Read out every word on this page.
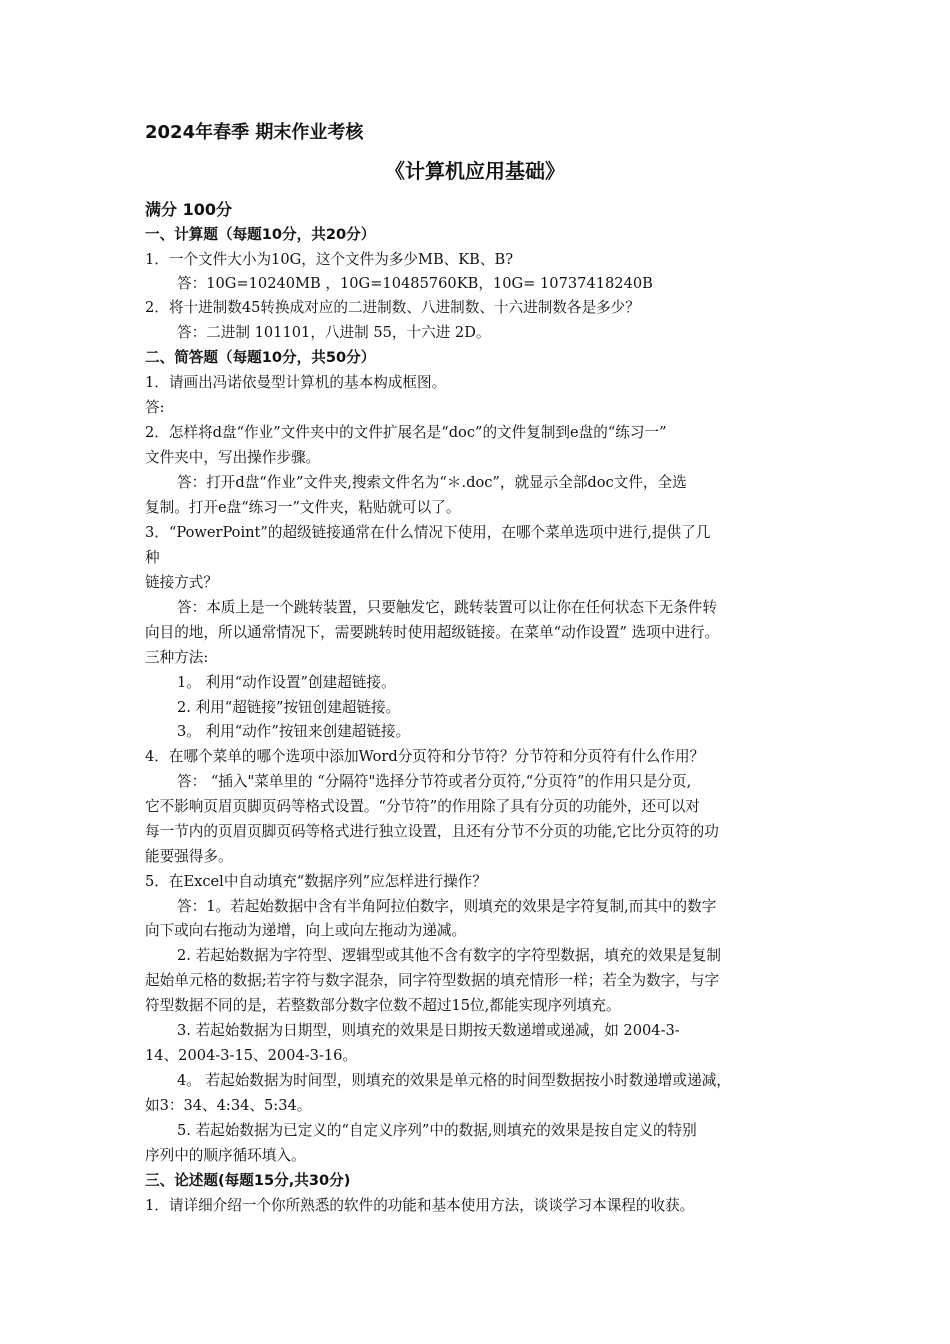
2024年春季 期末作业考核
《计算机应用基础》
满分 100分
一、计算题（每题10分，共20分）
1．一个文件大小为10G，这个文件为多少MB、KB、B?
答：10G=10240MB ，10G=10485760KB，10G= 10737418240B
2．将十进制数45转换成对应的二进制数、八进制数、十六进制数各是多少？
答：二进制 101101，八进制 55，十六进 2D。
二、简答题（每题10分，共50分）
1．请画出冯诺依曼型计算机的基本构成框图。
答:
2．怎样将d盘“作业”文件夹中的文件扩展名是“doc”的文件复制到e盘的“练习一”
文件夹中，写出操作步骤。
答：打开d盘“作业”文件夹,搜索文件名为“＊.doc”，就显示全部doc文件，全选
复制。打开e盘“练习一”文件夹，粘贴就可以了。
3．“PowerPoint”的超级链接通常在什么情况下使用，在哪个菜单选项中进行,提供了几
种
链接方式？
答：本质上是一个跳转装置，只要触发它，跳转装置可以让你在任何状态下无条件转
向目的地，所以通常情况下，需要跳转时使用超级链接。在菜单“动作设置” 选项中进行。
三种方法:
1。 利用“动作设置”创建超链接。
2. 利用“超链接”按钮创建超链接。
3。 利用“动作”按钮来创建超链接。
4．在哪个菜单的哪个选项中添加Word分页符和分节符？分节符和分页符有什么作用？
答： “插入"菜单里的 “分隔符"选择分节符或者分页符,“分页符”的作用只是分页,
它不影响页眉页脚页码等格式设置。“分节符”的作用除了具有分页的功能外，还可以对
每一节内的页眉页脚页码等格式进行独立设置，且还有分节不分页的功能,它比分页符的功
能要强得多。
5．在Excel中自动填充“数据序列”应怎样进行操作？
答：1。若起始数据中含有半角阿拉伯数字，则填充的效果是字符复制,而其中的数字
向下或向右拖动为递增，向上或向左拖动为递减。
2. 若起始数据为字符型、逻辑型或其他不含有数字的字符型数据，填充的效果是复制
起始单元格的数据;若字符与数字混杂，同字符型数据的填充情形一样；若全为数字，与字
符型数据不同的是，若整数部分数字位数不超过15位,都能实现序列填充。
3. 若起始数据为日期型，则填充的效果是日期按天数递增或递减，如 2004-3-
14、2004-3-15、2004-3-16。
4。 若起始数据为时间型，则填充的效果是单元格的时间型数据按小时数递增或递减，
如3：34、4:34、5:34。
5. 若起始数据为已定义的“自定义序列”中的数据,则填充的效果是按自定义的特别
序列中的顺序循环填入。
三、论述题(每题15分,共30分)
1．请详细介绍一个你所熟悉的软件的功能和基本使用方法，谈谈学习本课程的收获。
